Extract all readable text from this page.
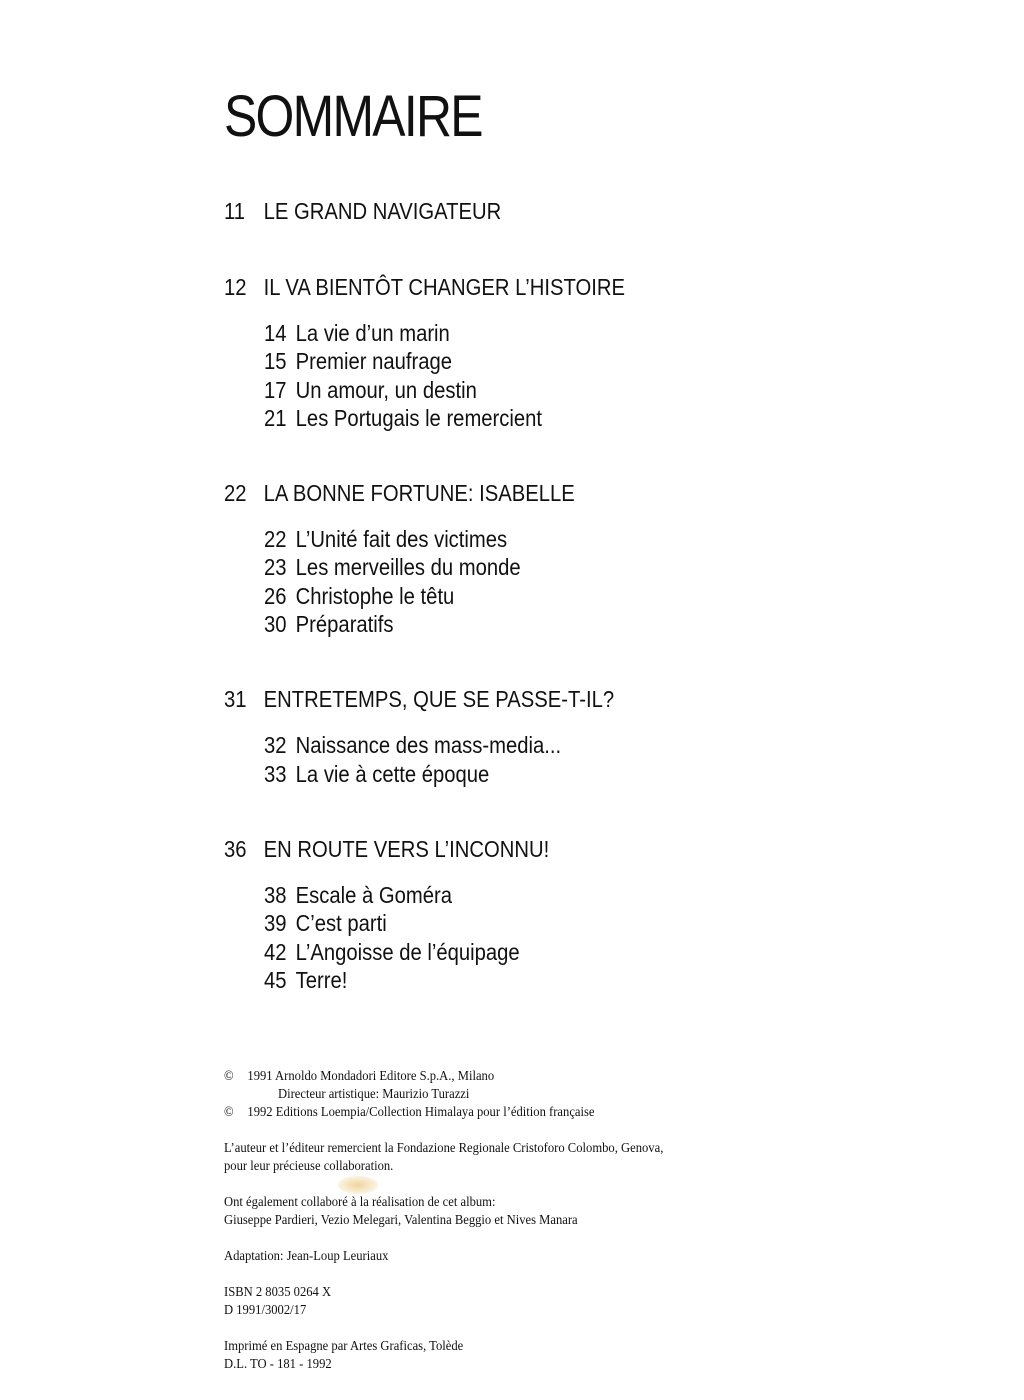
SOMMAIRE
11 LE GRAND NAVIGATEUR
12 IL VA BIENTÔT CHANGER L’HISTOIRE
14 La vie d’un marin
15 Premier naufrage
17 Un amour, un destin
21 Les Portugais le remercient
22 LA BONNE FORTUNE: ISABELLE
22 L’Unité fait des victimes
23 Les merveilles du monde
26 Christophe le têtu
30 Préparatifs
31 ENTRETEMPS, QUE SE PASSE-T-IL?
32 Naissance des mass-media...
33 La vie à cette époque
36 EN ROUTE VERS L’INCONNU!
38 Escale à Goméra
39 C’est parti
42 L’Angoisse de l’équipage
45 Terre!
© 1991 Arnoldo Mondadori Editore S.p.A., Milano
Directeur artistique: Maurizio Turazzi
© 1992 Editions Loempia/Collection Himalaya pour l’édition française
L’auteur et l’éditeur remercient la Fondazione Regionale Cristoforo Colombo, Genova,
pour leur précieuse collaboration.
Ont également collaboré à la réalisation de cet album:
Giuseppe Pardieri, Vezio Melegari, Valentina Beggio et Nives Manara
Adaptation: Jean-Loup Leuriaux
ISBN 2 8035 0264 X
D 1991/3002/17
Imprimé en Espagne par Artes Graficas, Tolède
D.L. TO - 181 - 1992
